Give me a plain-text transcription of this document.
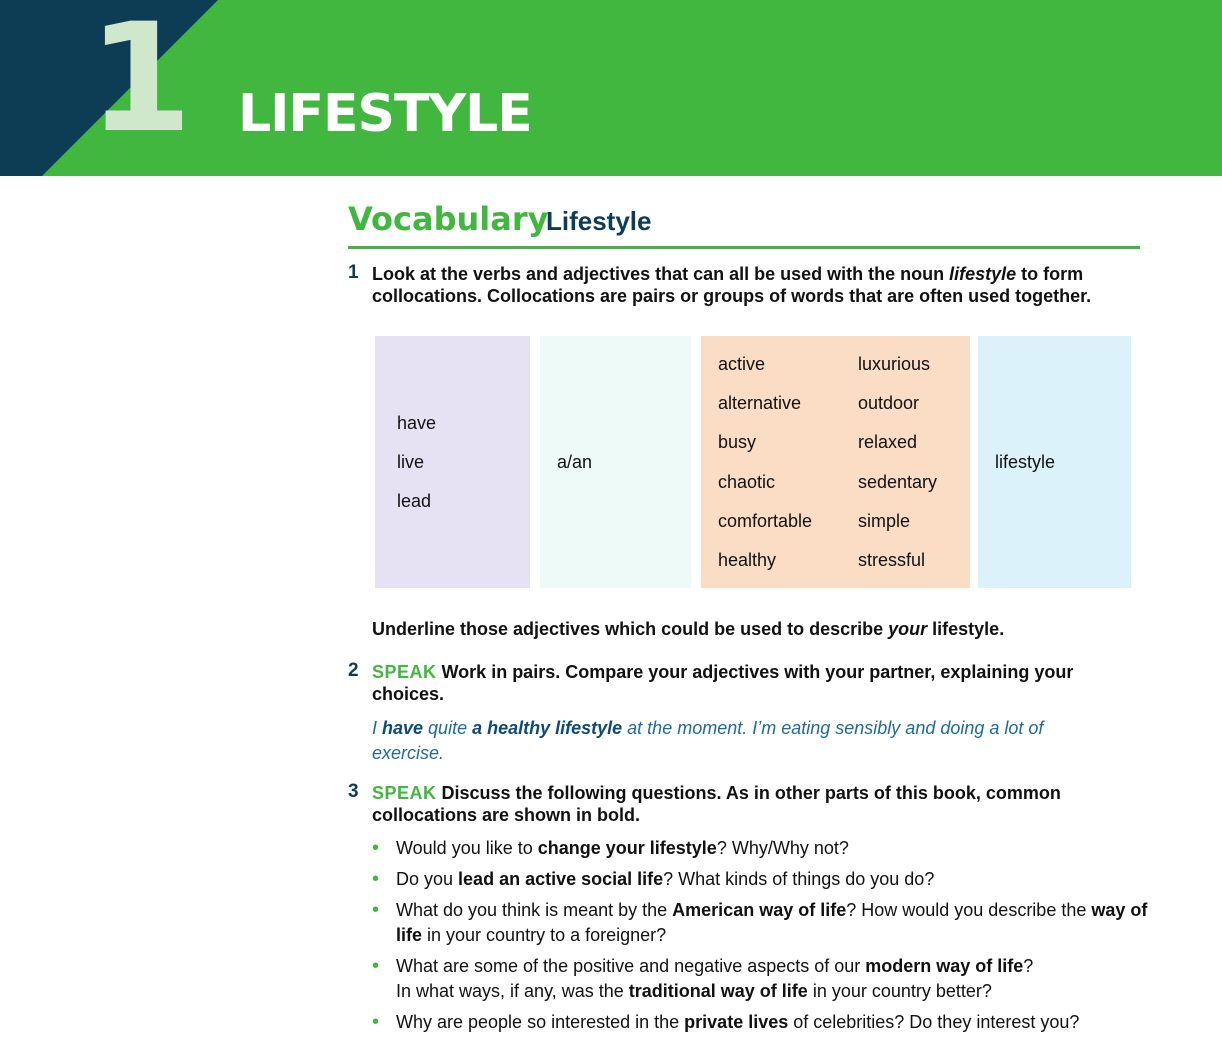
1 LIFESTYLE
Vocabulary
Lifestyle
1 Look at the verbs and adjectives that can all be used with the noun lifestyle to form collocations. Collocations are pairs or groups of words that are often used together.
have
live
lead
a/an
active
alternative
busy
chaotic
comfortable
healthy
luxurious
outdoor
relaxed
sedentary
simple
stressful
lifestyle
Underline those adjectives which could be used to describe your lifestyle.
2 SPEAK Work in pairs. Compare your adjectives with your partner, explaining your choices.
I have quite a healthy lifestyle at the moment. I’m eating sensibly and doing a lot of exercise.
3 SPEAK Discuss the following questions. As in other parts of this book, common collocations are shown in bold.
• Would you like to change your lifestyle? Why/Why not?
• Do you lead an active social life? What kinds of things do you do?
• What do you think is meant by the American way of life? How would you describe the way of life in your country to a foreigner?
• What are some of the positive and negative aspects of our modern way of life?
In what ways, if any, was the traditional way of life in your country better?
• Why are people so interested in the private lives of celebrities? Do they interest you?
